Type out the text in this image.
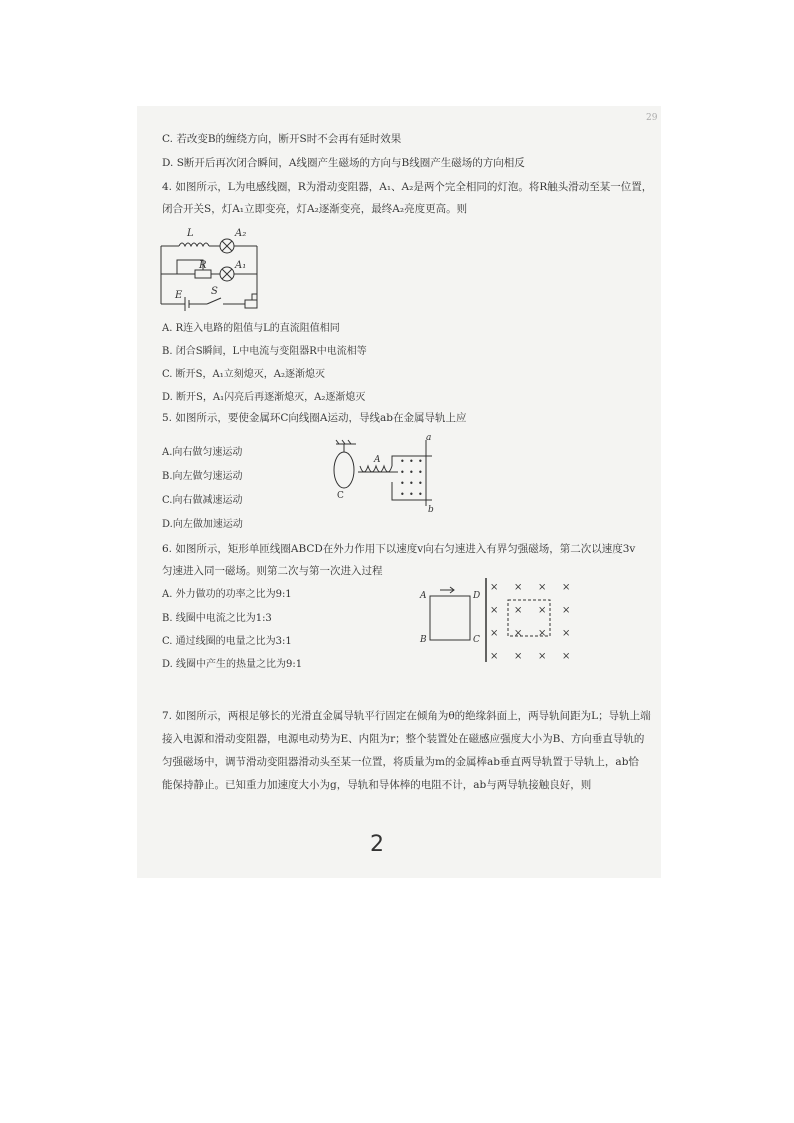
29
C. 若改变B的缠绕方向，断开S时不会再有延时效果
D. S断开后再次闭合瞬间，A线圈产生磁场的方向与B线圈产生磁场的方向相反
4. 如图所示，L为电感线圈，R为滑动变阻器，A₁、A₂是两个完全相同的灯泡。将R触头滑动至某一位置，
闭合开关S，灯A₁立即变亮，灯A₂逐渐变亮，最终A₂亮度更高。则
L	A₂
R	A₁
E	S
A. R连入电路的阻值与L的直流阻值相同
B. 闭合S瞬间，L中电流与变阻器R中电流相等
C. 断开S，A₁立刻熄灭，A₂逐渐熄灭
D. 断开S，A₁闪亮后再逐渐熄灭，A₂逐渐熄灭
5. 如图所示，要使金属环C向线圈A运动，导线ab在金属导轨上应
A.向右做匀速运动
B.向左做匀速运动
C.向右做减速运动
D.向左做加速运动
C
A
a
b
• • •
• • •
• • •
• • •
6. 如图所示，矩形单匝线圈ABCD在外力作用下以速度v向右匀速进入有界匀强磁场，第二次以速度3v
匀速进入同一磁场。则第二次与第一次进入过程
A. 外力做功的功率之比为9:1
B. 线圈中电流之比为1:3
C. 通过线圈的电量之比为3:1
D. 线圈中产生的热量之比为9:1
A	D
B	C
× × × ×
× × × ×
× × × ×
× × × ×
7. 如图所示，两根足够长的光滑直金属导轨平行固定在倾角为θ的绝缘斜面上，两导轨间距为L；导轨上端
接入电源和滑动变阻器，电源电动势为E、内阻为r；整个装置处在磁感应强度大小为B、方向垂直导轨的
匀强磁场中，调节滑动变阻器滑动头至某一位置，将质量为m的金属棒ab垂直两导轨置于导轨上，ab恰
能保持静止。已知重力加速度大小为g，导轨和导体棒的电阻不计，ab与两导轨接触良好，则
2
